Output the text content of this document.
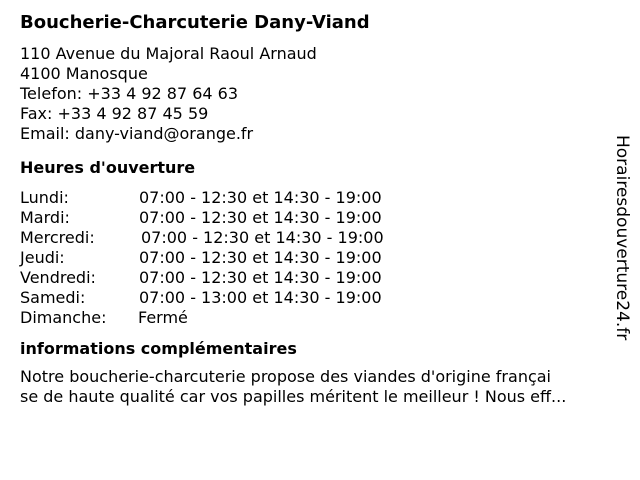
Boucherie-Charcuterie Dany-Viand
110 Avenue du Majoral Raoul Arnaud
4100 Manosque
Telefon: +33 4 92 87 64 63
Fax: +33 4 92 87 45 59
Email: dany-viand@orange.fr
Heures d'ouverture
Lundi:	07:00 - 12:30 et 14:30 - 19:00
Mardi:	07:00 - 12:30 et 14:30 - 19:00
Mercredi:	07:00 - 12:30 et 14:30 - 19:00
Jeudi:	07:00 - 12:30 et 14:30 - 19:00
Vendredi:	07:00 - 12:30 et 14:30 - 19:00
Samedi:	07:00 - 13:00 et 14:30 - 19:00
Dimanche: Fermé
informations complémentaires
Notre boucherie-charcuterie propose des viandes d'origine françai
se de haute qualité car vos papilles méritent le meilleur ! Nous eff...
Horairesdouverture24.fr
